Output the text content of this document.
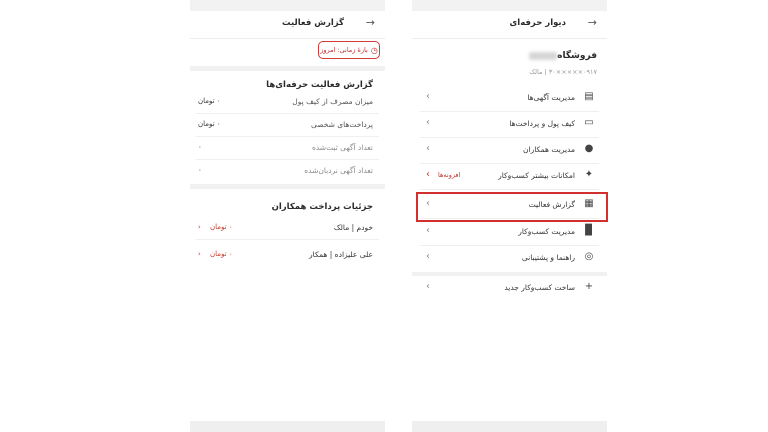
→
گزارش فعالیت
◷
بازهٔ زمانی: امروز
گزارش فعالیت حرفه‌ای‌ها
میزان مصرف از کیف پول
۰ تومان
پرداخت‌های شخصی
۰ تومان
تعداد آگهی ثبت‌شده
۰
تعداد آگهی نردبان‌شده
۰
جزئیات پرداخت همکاران
خودم | مالک
۰ تومان
‹
علی علیزاده | همکار
۰ تومان
‹
→
دیوار حرفه‌ای
فروشگاه
۰۹۱۷×××××۳۰ | مالک
▤
مدیریت آگهی‌ها
‹
▭
کیف پول و پرداخت‌ها
‹
●
مدیریت همکاران
‹
✦
امکانات بیشتر کسب‌وکار
افزونه‌ها
‹
▦
گزارش فعالیت
‹
▉
مدیریت کسب‌وکار
‹
◎
راهنما و پشتیبانی
‹
+
ساخت کسب‌وکار جدید
‹
